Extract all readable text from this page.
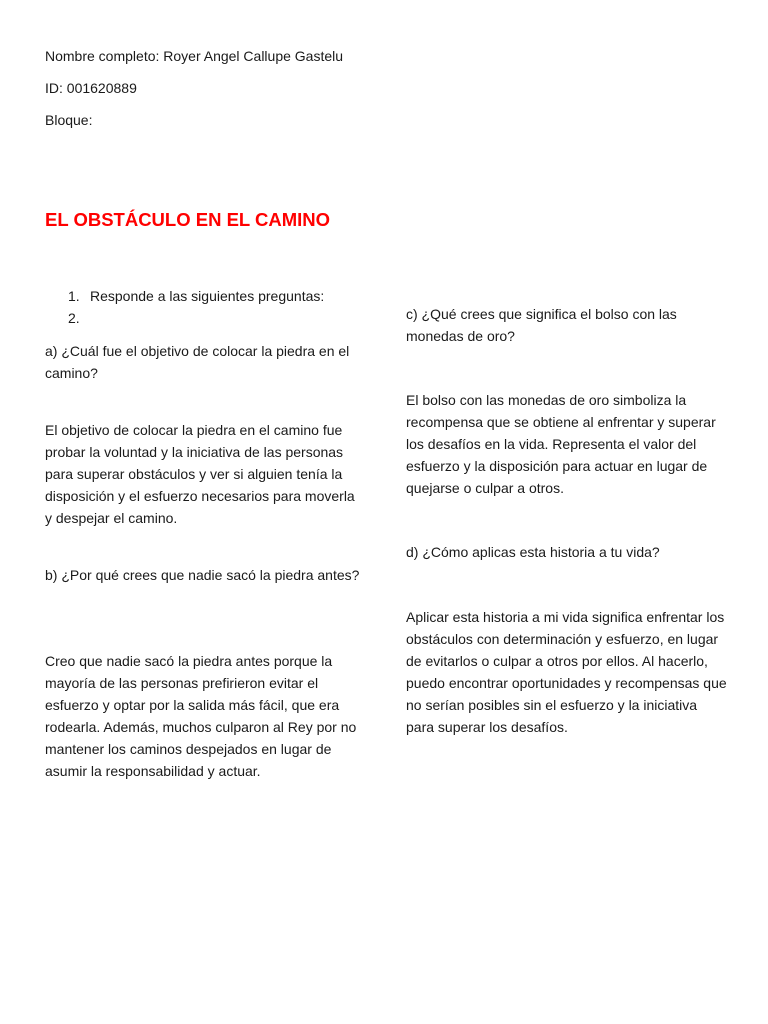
Nombre completo: Royer Angel Callupe Gastelu
ID: 001620889
Bloque:
EL OBSTÁCULO EN EL CAMINO
1. Responde a las siguientes preguntas:
2.

a) ¿Cuál fue el objetivo de colocar la piedra en el camino?

El objetivo de colocar la piedra en el camino fue probar la voluntad y la iniciativa de las personas para superar obstáculos y ver si alguien tenía la disposición y el esfuerzo necesarios para moverla y despejar el camino.

b) ¿Por qué crees que nadie sacó la piedra antes?

Creo que nadie sacó la piedra antes porque la mayoría de las personas prefirieron evitar el esfuerzo y optar por la salida más fácil, que era rodearla. Además, muchos culparon al Rey por no mantener los caminos despejados en lugar de asumir la responsabilidad y actuar.

c) ¿Qué crees que significa el bolso con las monedas de oro?

El bolso con las monedas de oro simboliza la recompensa que se obtiene al enfrentar y superar los desafíos en la vida. Representa el valor del esfuerzo y la disposición para actuar en lugar de quejarse o culpar a otros.

d) ¿Cómo aplicas esta historia a tu vida?

Aplicar esta historia a mi vida significa enfrentar los obstáculos con determinación y esfuerzo, en lugar de evitarlos o culpar a otros por ellos. Al hacerlo, puedo encontrar oportunidades y recompensas que no serían posibles sin el esfuerzo y la iniciativa para superar los desafíos.
